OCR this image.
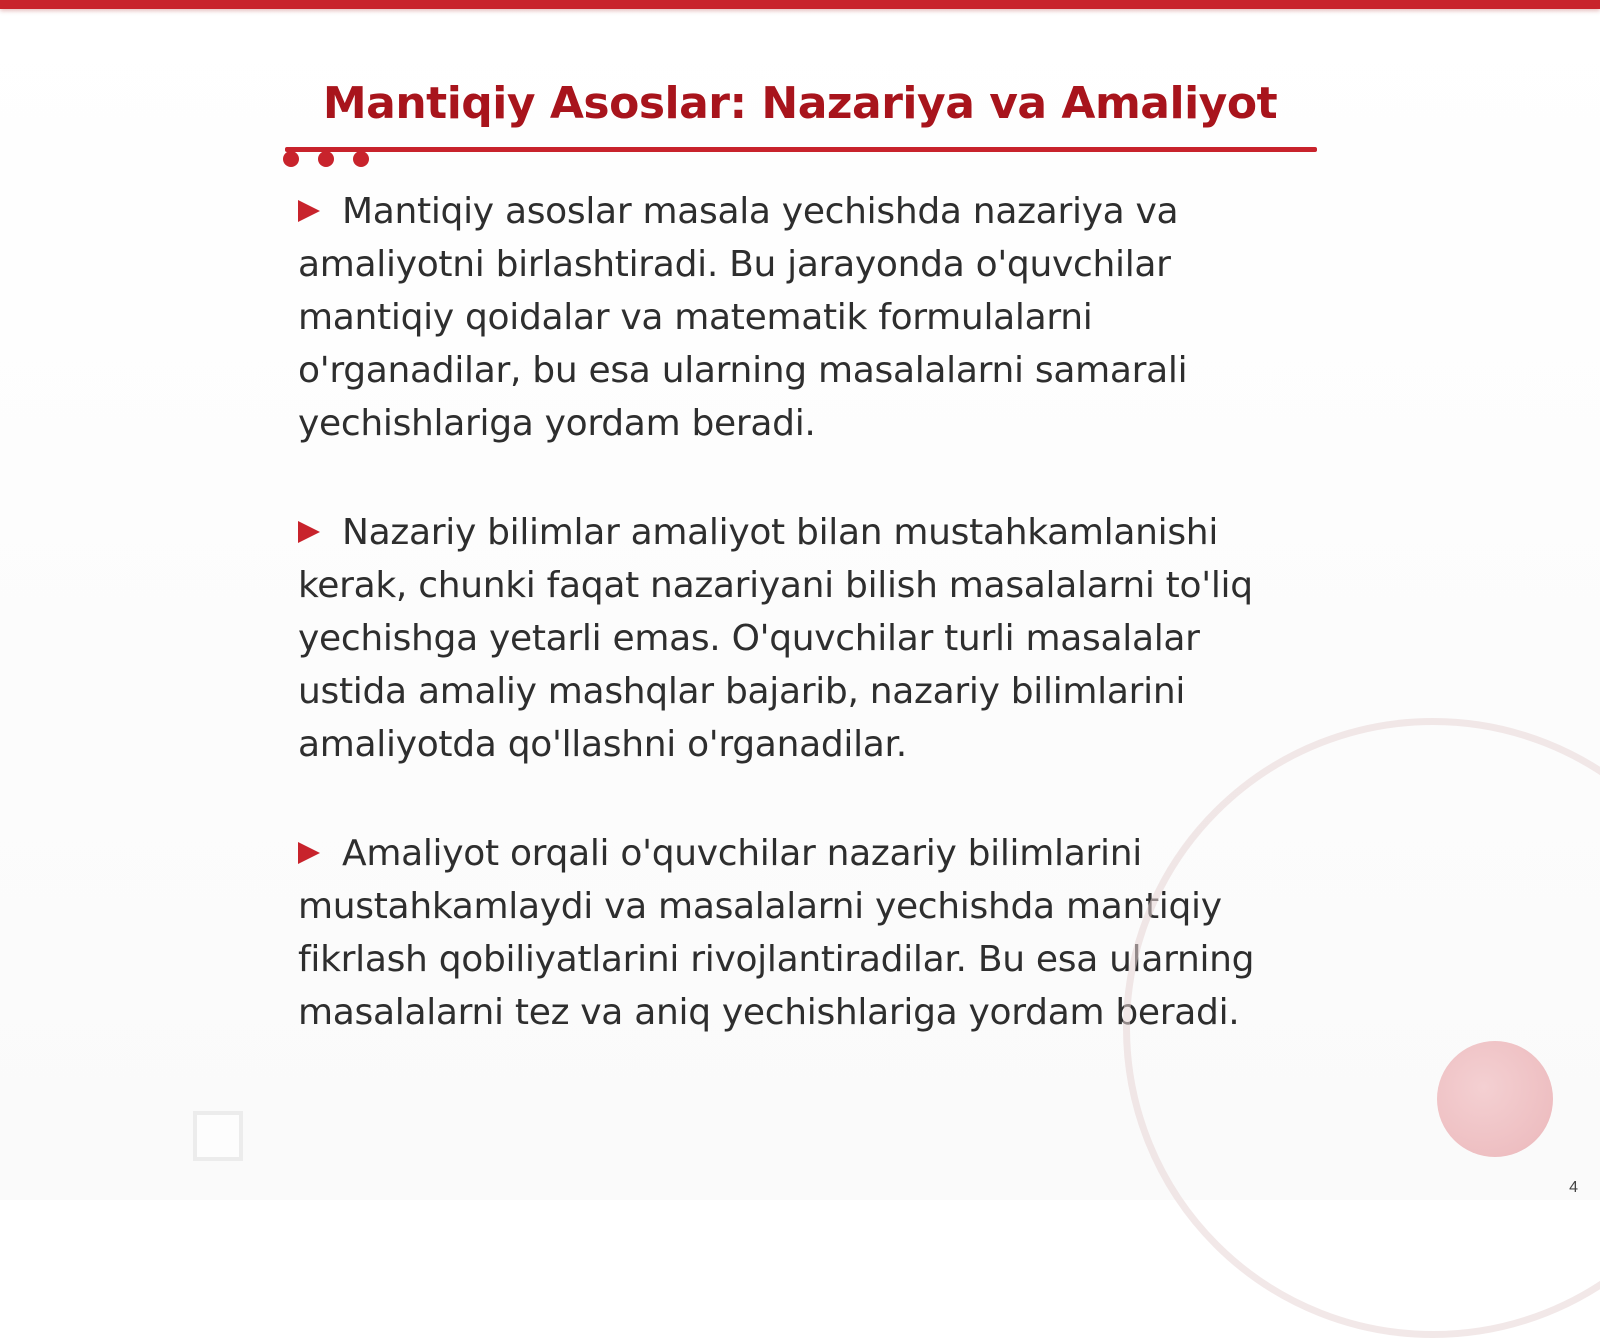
Mantiqiy Asoslar: Nazariya va Amaliyot

Mantiqiy asoslar masala yechishda nazariya va amaliyotni birlashtiradi. Bu jarayonda o'quvchilar mantiqiy qoidalar va matematik formulalarni o'rganadilar, bu esa ularning masalalarni samarali yechishlariga yordam beradi.

Nazariy bilimlar amaliyot bilan mustahkamlanishi kerak, chunki faqat nazariyani bilish masalalarni to'liq yechishga yetarli emas. O'quvchilar turli masalalar ustida amaliy mashqlar bajarib, nazariy bilimlarini amaliyotda qo'llashni o'rganadilar.

Amaliyot orqali o'quvchilar nazariy bilimlarini mustahkamlaydi va masalalarni yechishda mantiqiy fikrlash qobiliyatlarini rivojlantiradilar. Bu esa ularning masalalarni tez va aniq yechishlariga yordam beradi.

4
